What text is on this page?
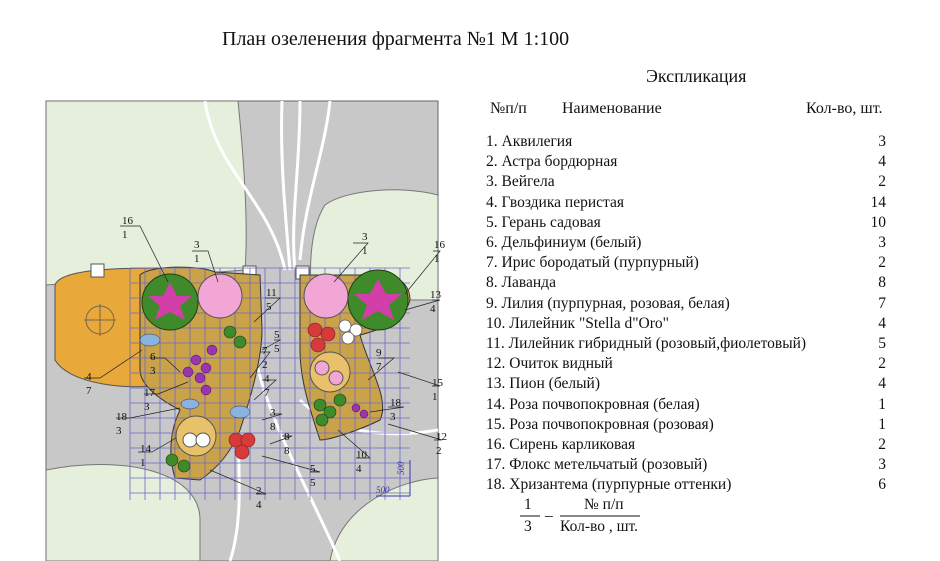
План озеленения фрагмента №1 М 1:100
Экспликация
№п/п Наименование	Кол-во, шт.
1. Аквилегия	3
2. Астра бордюрная	4
3. Вейгела	2
4. Гвоздика перистая	14
5. Герань садовая	10
6. Дельфиниум (белый)	3
7. Ирис бородатый (пурпурный)	2
8. Лаванда	8
9. Лилия (пурпурная, розовая, белая)	7
10. Лилейник "Stella d"Oro"	4
11. Лилейник гибридный (розовый,фиолетовый)	5
12. Очиток видный	2
13. Пион (белый)	4
14. Роза почвопокровная (белая)	1
15. Роза почвопокровная (розовая)	1
16. Сирень карликовая	2
17. Флокс метельчатый (розовый)	3
18. Хризантема (пурпурные оттенки)	6
1
3
_ № п/п
Кол-во , шт.
500
500
16
1
3
1
3
1	16
1
13
4
11
5
5
5
6
3
7
2
9
7
4
7	17
3
4
7
15
1
18
3
18
3
3
8
8
8
14
1
10
4
12
2
5
5
2
4
